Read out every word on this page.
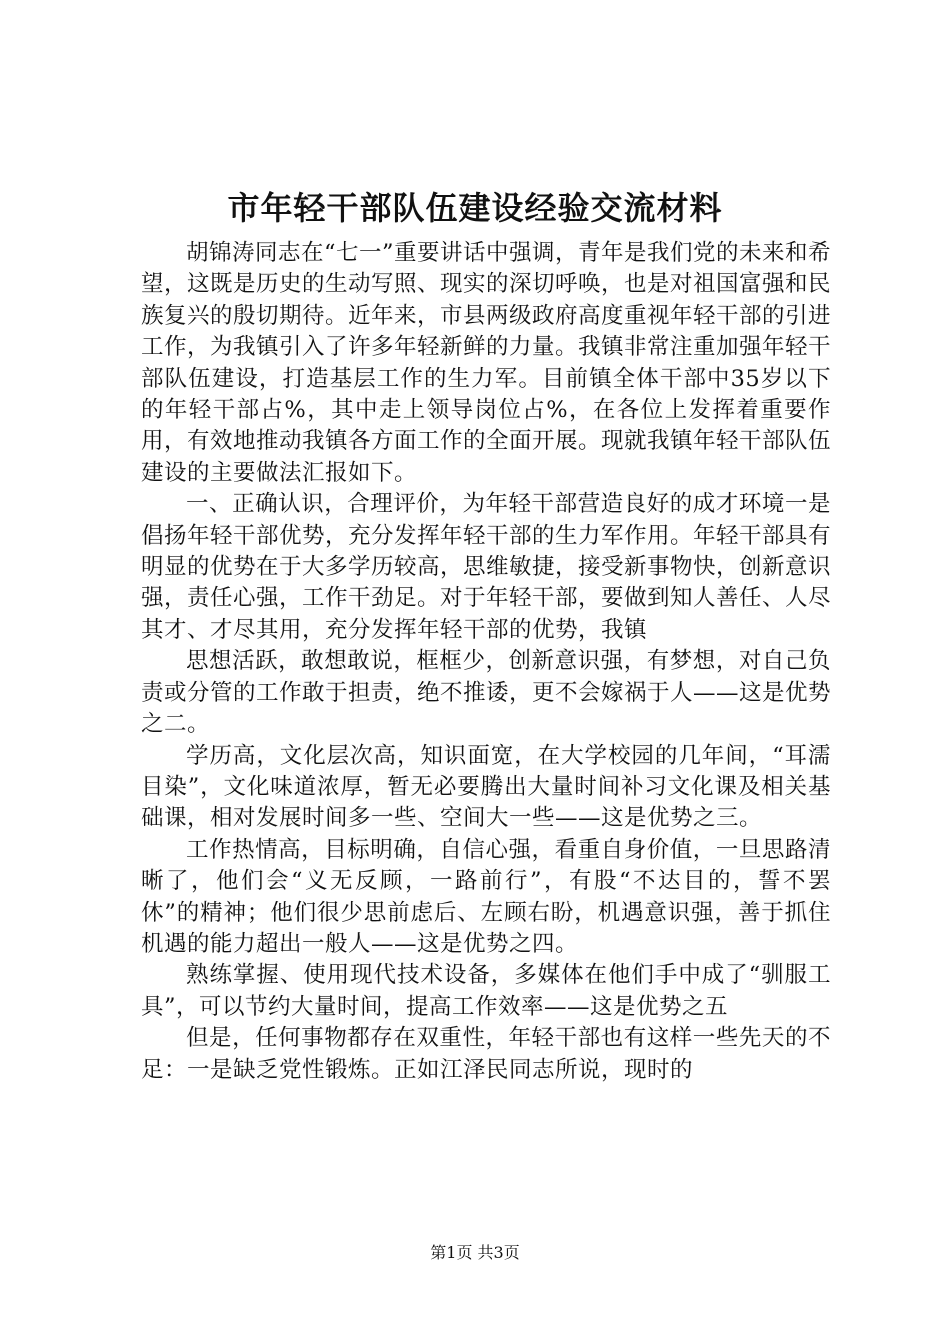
市年轻干部队伍建设经验交流材料

胡锦涛同志在“七一”重要讲话中强调，青年是我们党的未来和希望，这既是历史的生动写照、现实的深切呼唤，也是对祖国富强和民族复兴的殷切期待。近年来，市县两级政府高度重视年轻干部的引进工作，为我镇引入了许多年轻新鲜的力量。我镇非常注重加强年轻干部队伍建设，打造基层工作的生力军。目前镇全体干部中35岁以下的年轻干部占%，其中走上领导岗位占%，在各位上发挥着重要作用，有效地推动我镇各方面工作的全面开展。现就我镇年轻干部队伍建设的主要做法汇报如下。

一、正确认识，合理评价，为年轻干部营造良好的成才环境一是倡扬年轻干部优势，充分发挥年轻干部的生力军作用。年轻干部具有明显的优势在于大多学历较高，思维敏捷，接受新事物快，创新意识强，责任心强，工作干劲足。对于年轻干部，要做到知人善任、人尽其才、才尽其用，充分发挥年轻干部的优势，我镇

思想活跃，敢想敢说，框框少，创新意识强，有梦想，对自己负责或分管的工作敢于担责，绝不推诿，更不会嫁祸于人——这是优势之二。

学历高，文化层次高，知识面宽，在大学校园的几年间，“耳濡目染”，文化味道浓厚，暂无必要腾出大量时间补习文化课及相关基础课，相对发展时间多一些、空间大一些——这是优势之三。

工作热情高，目标明确，自信心强，看重自身价值，一旦思路清晰了，他们会“义无反顾，一路前行”，有股“不达目的，誓不罢休”的精神；他们很少思前虑后、左顾右盼，机遇意识强，善于抓住机遇的能力超出一般人——这是优势之四。

熟练掌握、使用现代技术设备，多媒体在他们手中成了“驯服工具”，可以节约大量时间，提高工作效率——这是优势之五

但是，任何事物都存在双重性，年轻干部也有这样一些先天的不足：一是缺乏党性锻炼。正如江泽民同志所说，现时的

第1页 共3页
